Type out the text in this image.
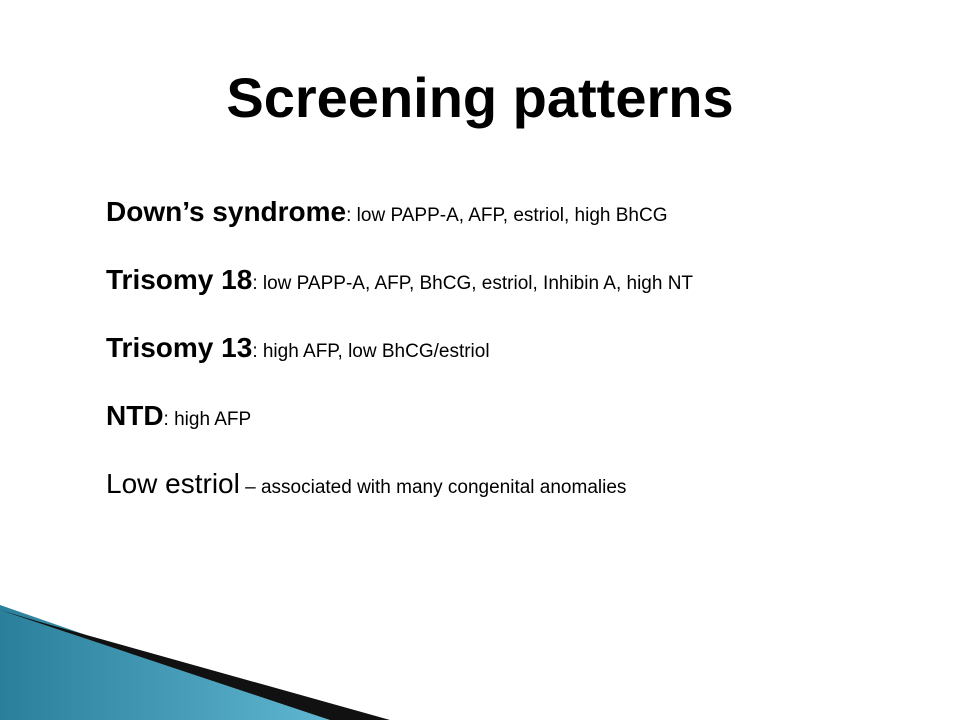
Screening patterns
Down’s syndrome: low PAPP-A, AFP, estriol, high BhCG
Trisomy 18: low PAPP-A, AFP, BhCG, estriol, Inhibin A, high NT
Trisomy 13: high AFP, low BhCG/estriol
NTD: high AFP
Low estriol – associated with many congenital anomalies
